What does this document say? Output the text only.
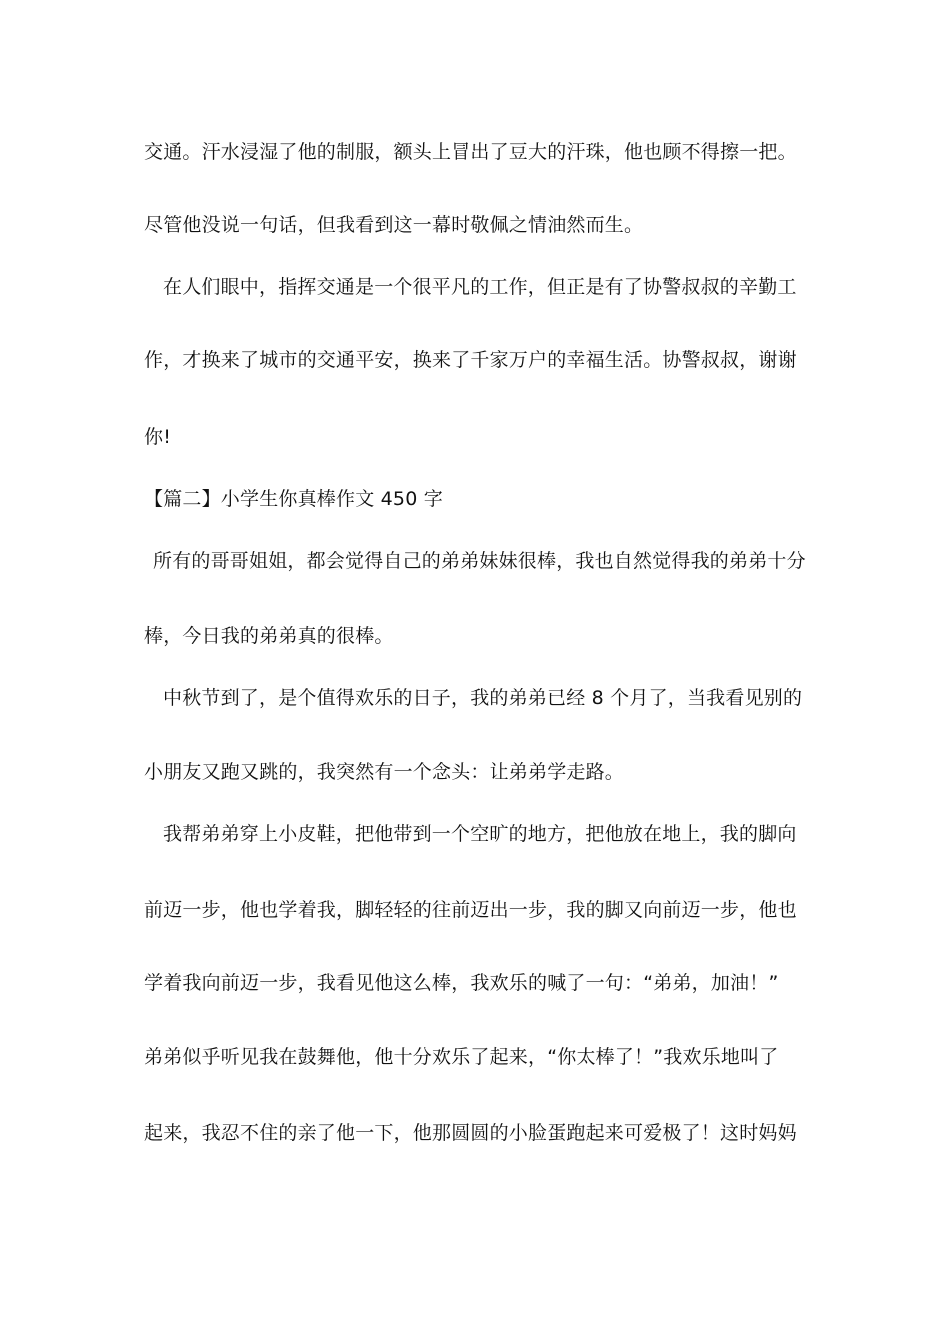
交通。汗水浸湿了他的制服，额头上冒出了豆大的汗珠，他也顾不得擦一把。
尽管他没说一句话，但我看到这一幕时敬佩之情油然而生。
在人们眼中，指挥交通是一个很平凡的工作，但正是有了协警叔叔的辛勤工
作，才换来了城市的交通平安，换来了千家万户的幸福生活。协警叔叔，谢谢
你!
【篇二】小学生你真棒作文 450 字
所有的哥哥姐姐，都会觉得自己的弟弟妹妹很棒，我也自然觉得我的弟弟十分
棒，今日我的弟弟真的很棒。
中秋节到了，是个值得欢乐的日子，我的弟弟已经 8 个月了，当我看见别的
小朋友又跑又跳的，我突然有一个念头：让弟弟学走路。
我帮弟弟穿上小皮鞋，把他带到一个空旷的地方，把他放在地上，我的脚向
前迈一步，他也学着我，脚轻轻的往前迈出一步，我的脚又向前迈一步，他也
学着我向前迈一步，我看见他这么棒，我欢乐的喊了一句：“弟弟，加油！”
弟弟似乎听见我在鼓舞他，他十分欢乐了起来，“你太棒了！”我欢乐地叫了
起来，我忍不住的亲了他一下，他那圆圆的小脸蛋跑起来可爱极了！这时妈妈
